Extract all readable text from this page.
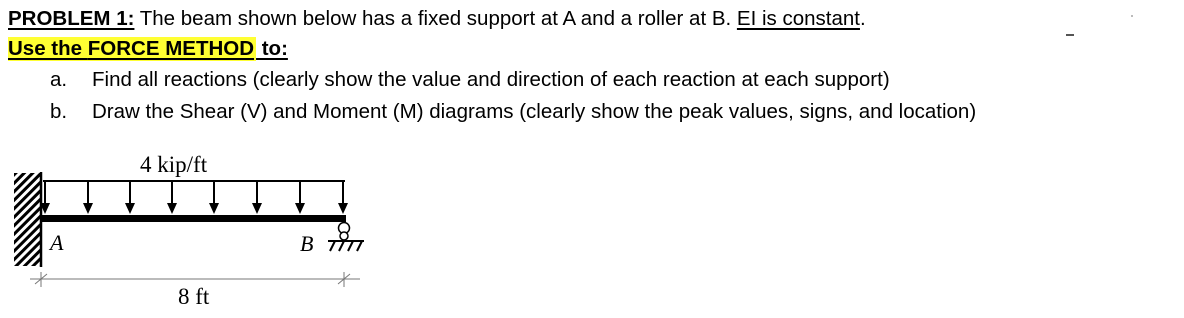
PROBLEM 1: The beam shown below has a fixed support at A and a roller at B. EI is constant.
Use the FORCE METHOD to:
a. Find all reactions (clearly show the value and direction of each reaction at each support)
b. Draw the Shear (V) and Moment (M) diagrams (clearly show the peak values, signs, and location)
4 kip/ft
A	B
8 ft
